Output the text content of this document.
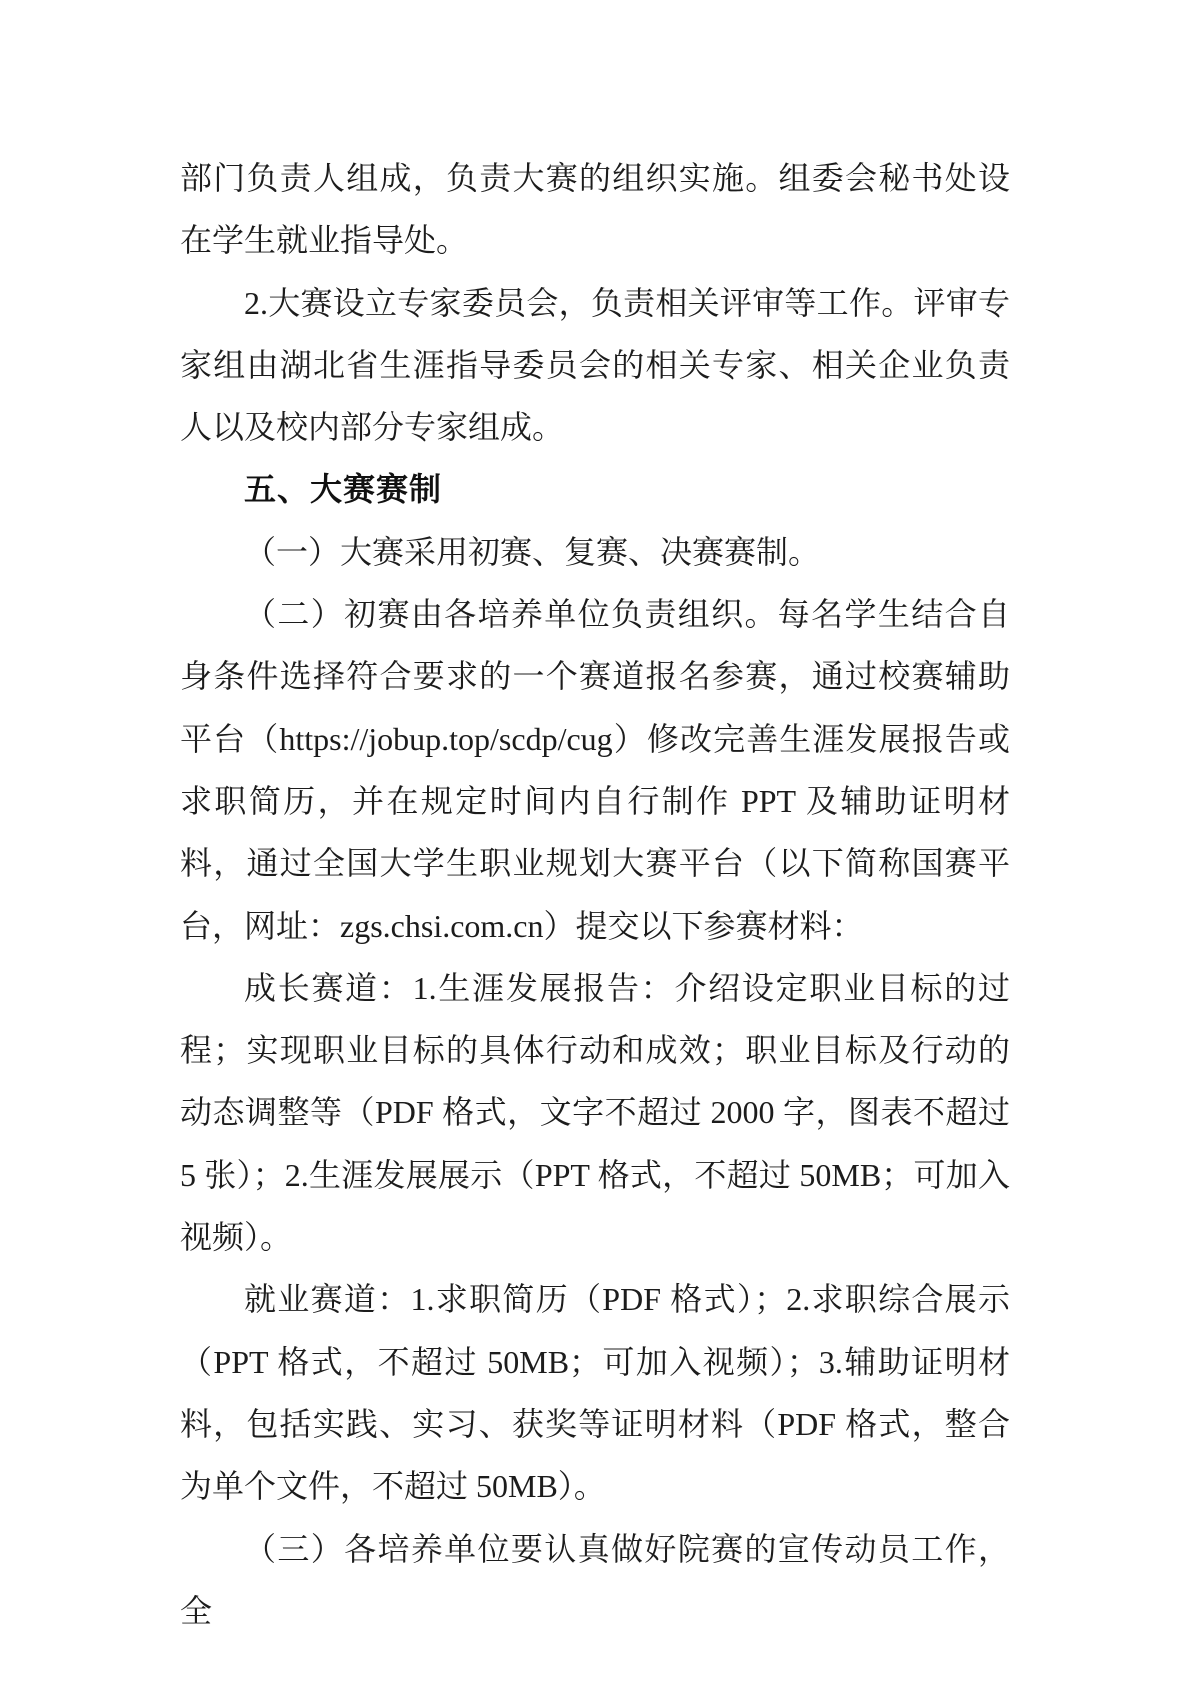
部门负责人组成，负责大赛的组织实施。组委会秘书处设在学生就业指导处。

2.大赛设立专家委员会，负责相关评审等工作。评审专家组由湖北省生涯指导委员会的相关专家、相关企业负责人以及校内部分专家组成。

五、大赛赛制

（一）大赛采用初赛、复赛、决赛赛制。

（二）初赛由各培养单位负责组织。每名学生结合自身条件选择符合要求的一个赛道报名参赛，通过校赛辅助平台（https://jobup.top/scdp/cug）修改完善生涯发展报告或求职简历，并在规定时间内自行制作 PPT 及辅助证明材料，通过全国大学生职业规划大赛平台（以下简称国赛平台，网址：zgs.chsi.com.cn）提交以下参赛材料：

成长赛道：1.生涯发展报告：介绍设定职业目标的过程；实现职业目标的具体行动和成效；职业目标及行动的动态调整等（PDF 格式，文字不超过 2000 字，图表不超过 5 张）；2.生涯发展展示（PPT 格式，不超过 50MB；可加入视频）。

就业赛道：1.求职简历（PDF 格式）；2.求职综合展示（PPT 格式，不超过 50MB；可加入视频）；3.辅助证明材料，包括实践、实习、获奖等证明材料（PDF 格式，整合为单个文件，不超过 50MB）。

（三）各培养单位要认真做好院赛的宣传动员工作，全
